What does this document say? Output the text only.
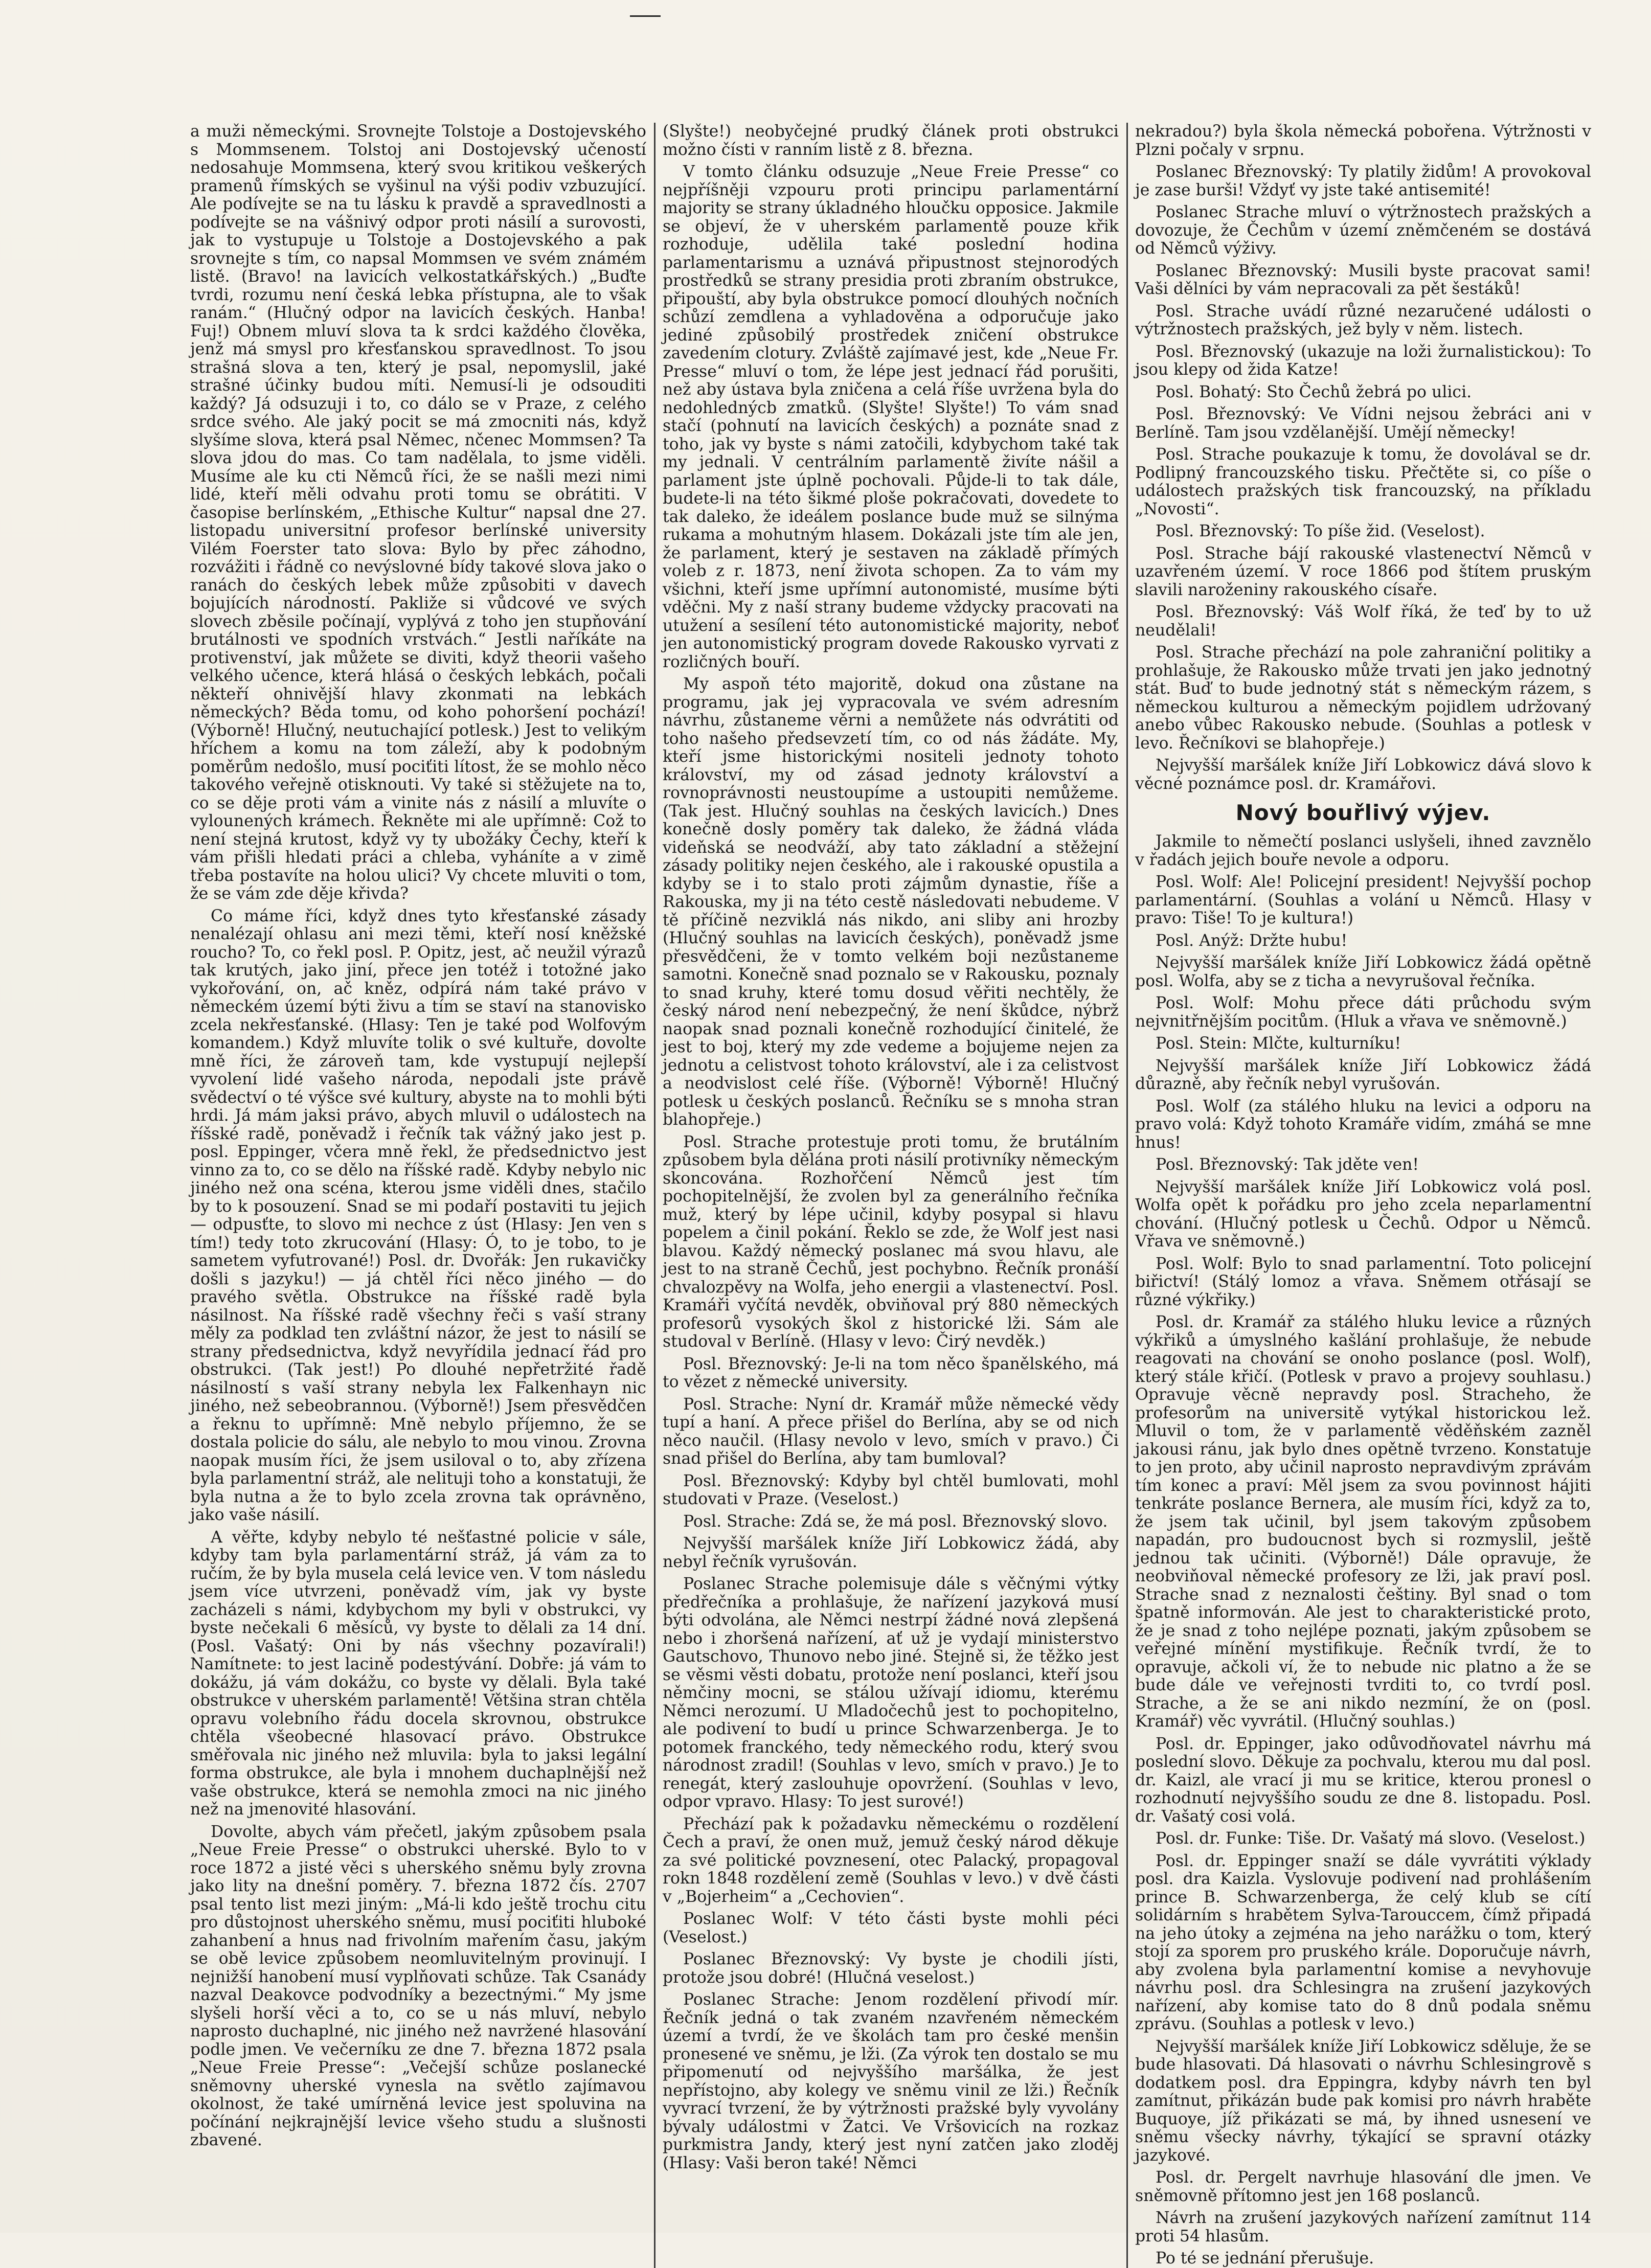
a muži německými. Srovnejte Tolstoje a Dostojevského s Mommsenem. Tolstoj ani Dostojevský učeností nedosahuje Mommsena, který svou kritikou veškerých pramenů římských se vyšinul na výši podiv vzbuzující. Ale podívejte se na tu lásku k pravdě a spravedlnosti a podívejte se na vášnivý odpor proti násilí a surovosti, jak to vystupuje u Tolstoje a Dostojevského a pak srovnejte s tím, co napsal Mommsen ve svém známém listě. (Bravo! na lavicích velkostatkářských.) „Buďte tvrdi, rozumu není česká lebka přístupna, ale to však ranám.“ (Hlučný odpor na lavicích českých. Hanba! Fuj!) Obnem mluví slova ta k srdci každého člověka, jenž má smysl pro křesťanskou spravedlnost. To jsou strašná slova a ten, který je psal, nepomyslil, jaké strašné účinky budou míti. Nemusí-li je odsouditi každý? Já odsuzuji i to, co dálo se v Praze, z celého srdce svého. Ale jaký pocit se má zmocniti nás, když slyšíme slova, která psal Němec, nčenec Mommsen? Ta slova jdou do mas. Co tam nadělala, to jsme viděli. Musíme ale ku cti Němců říci, že se našli mezi nimi lidé, kteří měli odvahu proti tomu se obrátiti. V časopise berlínském, „Ethische Kultur“ napsal dne 27. listopadu universitní profesor berlínské university Vilém Foerster tato slova: Bylo by přec záhodno, rozvážiti i řádně co nevýslovné bídy takové slova jako o ranách do českých lebek může způsobiti v davech bojujících národností. Pakliže si vůdcové ve svých slovech zběsile počínají, vyplývá z toho jen stupňování brutálnosti ve spodních vrstvách.“ Jestli naříkáte na protivenství, jak můžete se diviti, když theorii vašeho velkého učence, která hlásá o českých lebkách, počali někteří ohnivější hlavy zkonmati na lebkách německých? Běda tomu, od koho pohoršení pochází! (Výborně! Hlučný, neutuchající potlesk.) Jest to velikým hříchem a komu na tom záleží, aby k podobným poměrům nedošlo, musí pociťiti lítost, že se mohlo něco takového veřejně otisknouti. Vy také si stěžujete na to, co se děje proti vám a vinite nás z násilí a mluvíte o vylounených krámech. Řekněte mi ale upřímně: Což to není stejná krutost, když vy ty ubožáky Čechy, kteří k vám přišli hledati práci a chleba, vyháníte a v zimě třeba postavíte na holou ulici? Vy chcete mluviti o tom, že se vám zde děje křivda?

Co máme říci, když dnes tyto křesťanské zásady nenalézají ohlasu ani mezi těmi, kteří nosí kněžské roucho? To, co řekl posl. P. Opitz, jest, ač neužil výrazů tak krutých, jako jiní, přece jen totéž i totožné jako vykořování, on, ač kněz, odpírá nám také právo v německém území býti živu a tím se staví na stanovisko zcela nekřesťanské. (Hlasy: Ten je také pod Wolfovým komandem.) Když mluvíte tolik o své kultuře, dovolte mně říci, že zároveň tam, kde vystupují nejlepší vyvolení lidé vašeho národa, nepodali jste právě svědectví o té výšce své kultury, abyste na to mohli býti hrdi. Já mám jaksi právo, abych mluvil o událostech na říšské radě, poněvadž i řečník tak vážný jako jest p. posl. Eppinger, včera mně řekl, že předsednictvo jest vinno za to, co se dělo na říšské radě. Kdyby nebylo nic jiného než ona scéna, kterou jsme viděli dnes, stačilo by to k posouzení. Snad se mi podaří postaviti tu jejich — odpusťte, to slovo mi nechce z úst (Hlasy: Jen ven s tím!) tedy toto zkrucování (Hlasy: Ó, to je tobo, to je sametem vyfutrované!) Posl. dr. Dvořák: Jen rukavičky došli s jazyku!) — já chtěl říci něco jiného — do pravého světla. Obstrukce na říšské radě byla násilnost. Na říšské radě všechny řeči s vaší strany měly za podklad ten zvláštní názor, že jest to násilí se strany předsednictva, když nevyřídila jednací řád pro obstrukci. (Tak jest!) Po dlouhé nepřetržité řadě násilností s vaší strany nebyla lex Falkenhayn nic jiného, než sebeobrannou. (Výborně!) Jsem přesvědčen a řeknu to upřímně: Mně nebylo příjemno, že se dostala policie do sálu, ale nebylo to mou vinou. Zrovna naopak musím říci, že jsem usiloval o to, aby zřízena byla parlamentní stráž, ale nelituji toho a konstatuji, že byla nutna a že to bylo zcela zrovna tak oprávněno, jako vaše násilí.

A věřte, kdyby nebylo té nešťastné policie v sále, kdyby tam byla parlamentární stráž, já vám za to ručím, že by byla musela celá levice ven. V tom následu jsem více utvrzeni, poněvadž vím, jak vy byste zacházeli s námi, kdybychom my byli v obstrukci, vy byste nečekali 6 měsíců, vy byste to dělali za 14 dní. (Posl. Vašatý: Oni by nás všechny pozavírali!) Namítnete: to jest lacině podestývání. Dobře: já vám to dokážu, já vám dokážu, co byste vy dělali. Byla také obstrukce v uherském parlamentě! Většina stran chtěla opravu volebního řádu docela skrovnou, obstrukce chtěla všeobecné hlasovací právo. Obstrukce směřovala nic jiného než mluvila: byla to jaksi legální forma obstrukce, ale byla i mnohem duchaplnější než vaše obstrukce, která se nemohla zmoci na nic jiného než na jmenovité hlasování.

Dovolte, abych vám přečetl, jakým způsobem psala „Neue Freie Presse“ o obstrukci uherské. Bylo to v roce 1872 a jisté věci s uherského sněmu byly zrovna jako lity na dnešní poměry. 7. března 1872 čís. 2707 psal tento list mezi jiným: „Má-li kdo ještě trochu citu pro důstojnost uherského sněmu, musí pociťiti hluboké zahanbení a hnus nad frivolním mařením času, jakým se obě levice způsobem neomluvitelným provinují. I nejnižší hanobení musí vyplňovati schůze. Tak Csanády nazval Deakovce podvodníky a bezectnými.“ My jsme slyšeli horší věci a to, co se u nás mluví, nebylo naprosto duchaplné, nic jiného než navržené hlasování podle jmen. Ve večerníku ze dne 7. března 1872 psala „Neue Freie Presse“: „Večejší schůze poslanecké sněmovny uherské vynesla na světlo zajímavou okolnost, že také umírněná levice jest spoluvina na počínání nejkrajnější levice všeho studu a slušnosti zbavené.

(Slyšte!) neobyčejné prudký článek proti obstrukci možno čísti v ranním listě z 8. března.

V tomto článku odsuzuje „Neue Freie Presse“ co nejpříšněji vzpouru proti principu parlamentární majority se strany úkladného hloučku opposice. Jakmile se objeví, že v uherském parlamentě pouze křik rozhoduje, udělila také poslední hodina parlamentarismu a uznává připustnost stejnorodých prostředků se strany presidia proti zbraním obstrukce, připouští, aby byla obstrukce pomocí dlouhých nočních schůzí zemdlena a vyhladověna a odporučuje jako jediné způsobilý prostředek zničení obstrukce zavedením clotury. Zvláště zajímavé jest, kde „Neue Fr. Presse“ mluví o tom, že lépe jest jednací řád porušiti, než aby ústava byla zničena a celá říše uvržena byla do nedohlednýcb zmatků. (Slyšte! Slyšte!) To vám snad stačí (pohnutí na lavicích českých) a poznáte snad z toho, jak vy byste s námi zatočili, kdybychom také tak my jednali. V centrálním parlamentě živíte nášil a parlament jste úplně pochovali. Půjde-li to tak dále, budete-li na této šikmé ploše pokračovati, dovedete to tak daleko, že ideálem poslance bude muž se silnýma rukama a mohutným hlasem. Dokázali jste tím ale jen, že parlament, který je sestaven na základě přímých voleb z r. 1873, není života schopen. Za to vám my všichni, kteří jsme upřímní autonomisté, musíme býti vděčni. My z naší strany budeme vždycky pracovati na utužení a sesílení této autonomistické majority, neboť jen autonomistický program dovede Rakousko vyrvati z rozličných bouří.

My aspoň této majoritě, dokud ona zůstane na programu, jak jej vypracovala ve svém adresním návrhu, zůstaneme věrni a nemůžete nás odvrátiti od toho našeho předsevzetí tím, co od nás žádáte. My, kteří jsme historickými nositeli jednoty tohoto království, my od zásad jednoty království a rovnoprávnosti neustoupíme a ustoupiti nemůžeme. (Tak jest. Hlučný souhlas na českých lavicích.) Dnes konečně dosly poměry tak daleko, že žádná vláda videňská se neodváží, aby tato základní a stěžejní zásady politiky nejen českého, ale i rakouské opustila a kdyby se i to stalo proti zájmům dynastie, říše a Rakouska, my ji na této cestě následovati nebudeme. V tě příčině nezviklá nás nikdo, ani sliby ani hrozby (Hlučný souhlas na lavicích českých), poněvadž jsme přesvědčeni, že v tomto velkém boji nezůstaneme samotni. Konečně snad poznalo se v Rakousku, poznaly to snad kruhy, které tomu dosud věřiti nechtěly, že český národ není nebezpečný, že není škůdce, nýbrž naopak snad poznali konečně rozhodující činitelé, že jest to boj, který my zde vedeme a bojujeme nejen za jednotu a celistvost tohoto království, ale i za celistvost a neodvislost celé říše. (Výborně! Výborně! Hlučný potlesk u českých poslanců. Řečníku se s mnoha stran blahopřeje.)

Posl. Strache protestuje proti tomu, že brutálním způsobem byla dělána proti násilí protivníky německým skoncována. Rozhořčení Němců jest tím pochopitelnější, že zvolen byl za generálního řečníka muž, který by lépe učinil, kdyby posypal si hlavu popelem a činil pokání. Řeklo se zde, že Wolf jest nasi blavou. Každý německý poslanec má svou hlavu, ale jest to na straně Čechů, jest pochybno. Řečník pronáší chvalozpěvy na Wolfa, jeho energii a vlastenectví. Posl. Kramáři vyčítá nevděk, obviňoval prý 880 německých profesorů vysokých škol z historické lži. Sám ale studoval v Berlíně. (Hlasy v levo: Čirý nevděk.)

Posl. Březnovský: Je-li na tom něco španělského, má to vězet z německé university.

Posl. Strache: Nyní dr. Kramář může německé vědy tupí a haní. A přece přišel do Berlína, aby se od nich něco naučil. (Hlasy nevolo v levo, smích v pravo.) Či snad přišel do Berlína, aby tam bumloval?

Posl. Březnovský: Kdyby byl chtěl bumlovati, mohl studovati v Praze. (Veselost.)

Posl. Strache: Zdá se, že má posl. Březnovský slovo.

Nejvyšší maršálek kníže Jiří Lobkowicz žádá, aby nebyl řečník vyrušován.

Poslanec Strache polemisuje dále s věčnými výtky předřečníka a prohlašuje, že nařízení jazyková musí býti odvolána, ale Němci nestrpí žádné nová zlepšená nebo i zhoršená nařízení, ať už je vydají ministerstvo Gautschovo, Thunovo nebo jiné. Stejně si, že těžko jest se věsmi věsti dobatu, protože není poslanci, kteří jsou němčiny mocni, se stálou užívají idiomu, kterému Němci nerozumí. U Mladočechů jest to pochopitelno, ale podivení to budí u prince Schwarzenberga. Je to potomek franckého, tedy německého rodu, který svou národnost zradil! (Souhlas v levo, smích v pravo.) Je to renegát, který zaslouhuje opovržení. (Souhlas v levo, odpor vpravo. Hlasy: To jest surové!)

Přechází pak k požadavku německému o rozdělení Čech a praví, že onen muž, jemuž český národ děkuje za své politické povznesení, otec Palacký, propagoval rokn 1848 rozdělení země (Souhlas v levo.) v dvě části v „Bojerheim“ a „Cechovien“.

Poslanec Wolf: V této části byste mohli péci (Veselost.)

Poslanec Březnovský: Vy byste je chodili jísti, protože jsou dobré! (Hlučná veselost.)

Poslanec Strache: Jenom rozdělení přivodí mír. Řečník jedná o tak zvaném nzavřeném německém území a tvrdí, že ve školách tam pro české menšin pronesené ve sněmu, je lži. (Za výrok ten dostalo se mu připomenutí od nejvyššího maršálka, že jest nepřístojno, aby kolegy ve sněmu vinil ze lži.) Řečník vyvrací tvrzení, že by výtržnosti pražské byly vyvolány bývaly událostmi v Žatci. Ve Vršovicích na rozkaz purkmistra Jandy, který jest nyní zatčen jako zloděj (Hlasy: Vaši beron také! Němci

nekradou?) byla škola německá pobořena. Výtržnosti v Plzni počaly v srpnu.

Poslanec Březnovský: Ty platily židům! A provokoval je zase burši! Vždyť vy jste také antisemité!

Poslanec Strache mluví o výtržnostech pražských a dovozuje, že Čechům v území zněmčeném se dostává od Němců výživy.

Poslanec Březnovský: Musili byste pracovat sami! Vaši dělníci by vám nepracovali za pět šestáků!

Posl. Strache uvádí různé nezaručené události o výtržnostech pražských, jež byly v něm. listech.

Posl. Březnovský (ukazuje na loži žurnalistickou): To jsou klepy od žida Katze!

Posl. Bohatý: Sto Čechů žebrá po ulici.

Posl. Březnovský: Ve Vídni nejsou žebráci ani v Berlíně. Tam jsou vzdělanější. Umějí německy!

Posl. Strache poukazuje k tomu, že dovolával se dr. Podlipný francouzského tisku. Přečtěte si, co píše o událostech pražských tisk francouzský, na příkladu „Novosti“.

Posl. Březnovský: To píše žid. (Veselost).

Posl. Strache bájí rakouské vlastenectví Němců v uzavřeném území. V roce 1866 pod štítem pruským slavili naroženiny rakouského císaře.

Posl. Březnovský: Váš Wolf říká, že teď by to už neudělali!

Posl. Strache přechází na pole zahraniční politiky a prohlašuje, že Rakousko může trvati jen jako jednotný stát. Buď to bude jednotný stát s německým rázem, s německou kulturou a německým pojidlem udržovaný anebo vůbec Rakousko nebude. (Souhlas a potlesk v levo. Řečníkovi se blahopřeje.)

Nejvyšší maršálek kníže Jiří Lobkowicz dává slovo k věcné poznámce posl. dr. Kramářovi.

Nový bouřlivý výjev.

Jakmile to němečtí poslanci uslyšeli, ihned zavznělo v řadách jejich bouře nevole a odporu.

Posl. Wolf: Ale! Policejní president! Nejvyšší pochop parlamentární. (Souhlas a volání u Němců. Hlasy v pravo: Tiše! To je kultura!)

Posl. Anýž: Držte hubu!

Nejvyšší maršálek kníže Jiří Lobkowicz žádá opětně posl. Wolfa, aby se z ticha a nevyrušoval řečníka.

Posl. Wolf: Mohu přece dáti průchodu svým nejvnitřnějším pocitům. (Hluk a vřava ve sněmovně.)

Posl. Stein: Mlčte, kulturníku!

Nejvyšší maršálek kníže Jiří Lobkowicz žádá důrazně, aby řečník nebyl vyrušován.

Posl. Wolf (za stálého hluku na levici a odporu na pravo volá: Když tohoto Kramáře vidím, zmáhá se mne hnus!

Posl. Březnovský: Tak jděte ven!

Nejvyšší maršálek kníže Jiří Lobkowicz volá posl. Wolfa opět k pořádku pro jeho zcela neparlamentní chování. (Hlučný potlesk u Čechů. Odpor u Němců. Vřava ve sněmovně.)

Posl. Wolf: Bylo to snad parlamentní. Toto policejní biřictví! (Stálý lomoz a vřava. Sněmem otřásají se různé výkřiky.)

Posl. dr. Kramář za stálého hluku levice a různých výkřiků a úmyslného kašlání prohlašuje, že nebude reagovati na chování se onoho poslance (posl. Wolf), který stále křičí. (Potlesk v pravo a projevy souhlasu.) Opravuje věcně nepravdy posl. Stracheho, že profesorům na universitě vytýkal historickou lež. Mluvil o tom, že v parlamentě věděňském zazněl jakousi ránu, jak bylo dnes opětně tvrzeno. Konstatuje to jen proto, aby učinil naprosto nepravdivým zprávám tím konec a praví: Měl jsem za svou povinnost hájiti tenkráte poslance Bernera, ale musím říci, když za to, že jsem tak učinil, byl jsem takovým způsobem napadán, pro budoucnost bych si rozmyslil, ještě jednou tak učiniti. (Výborně!) Dále opravuje, že neobviňoval německé profesory ze lži, jak praví posl. Strache snad z neznalosti češtiny. Byl snad o tom špatně informován. Ale jest to charakteristické proto, že je snad z toho nejlépe poznati, jakým způsobem se veřejné mínění mystifikuje. Řečník tvrdí, že to opravuje, ačkoli ví, že to nebude nic platno a že se bude dále ve veřejnosti tvrditi to, co tvrdí posl. Strache, a že se ani nikdo nezmíní, že on (posl. Kramář) věc vyvrátil. (Hlučný souhlas.)

Posl. dr. Eppinger, jako odůvodňovatel návrhu má poslední slovo. Děkuje za pochvalu, kterou mu dal posl. dr. Kaizl, ale vrací ji mu se kritice, kterou pronesl o rozhodnutí nejvyššího soudu ze dne 8. listopadu. Posl. dr. Vašatý cosi volá.

Posl. dr. Funke: Tiše. Dr. Vašatý má slovo. (Veselost.)

Posl. dr. Eppinger snaží se dále vyvrátiti výklady posl. dra Kaizla. Vyslovuje podivení nad prohlášením prince B. Schwarzenberga, že celý klub se cítí solidárním s hrabětem Sylva-Tarouccem, čímž připadá na jeho útoky a zejména na jeho narážku o tom, který stojí za sporem pro pruského krále. Doporučuje návrh, aby zvolena byla parlamentní komise a nevyhovuje návrhu posl. dra Schlesingra na zrušení jazykových nařízení, aby komise tato do 8 dnů podala sněmu zprávu. (Souhlas a potlesk v levo.)

Nejvyšší maršálek kníže Jiří Lobkowicz sděluje, že se bude hlasovati. Dá hlasovati o návrhu Schlesingrově s dodatkem posl. dra Eppingra, kdyby návrh ten byl zamítnut, přikázán bude pak komisi pro návrh hraběte Buquoye, jíž přikázati se má, by ihned usnesení ve sněmu všecky návrhy, týkající se spravní otázky jazykové.

Posl. dr. Pergelt navrhuje hlasování dle jmen. Ve sněmovně přítomno jest jen 168 poslanců.

Návrh na zrušení jazykových nařízení zamítnut 114 proti 54 hlasům.

Po té se jednání přerušuje.
